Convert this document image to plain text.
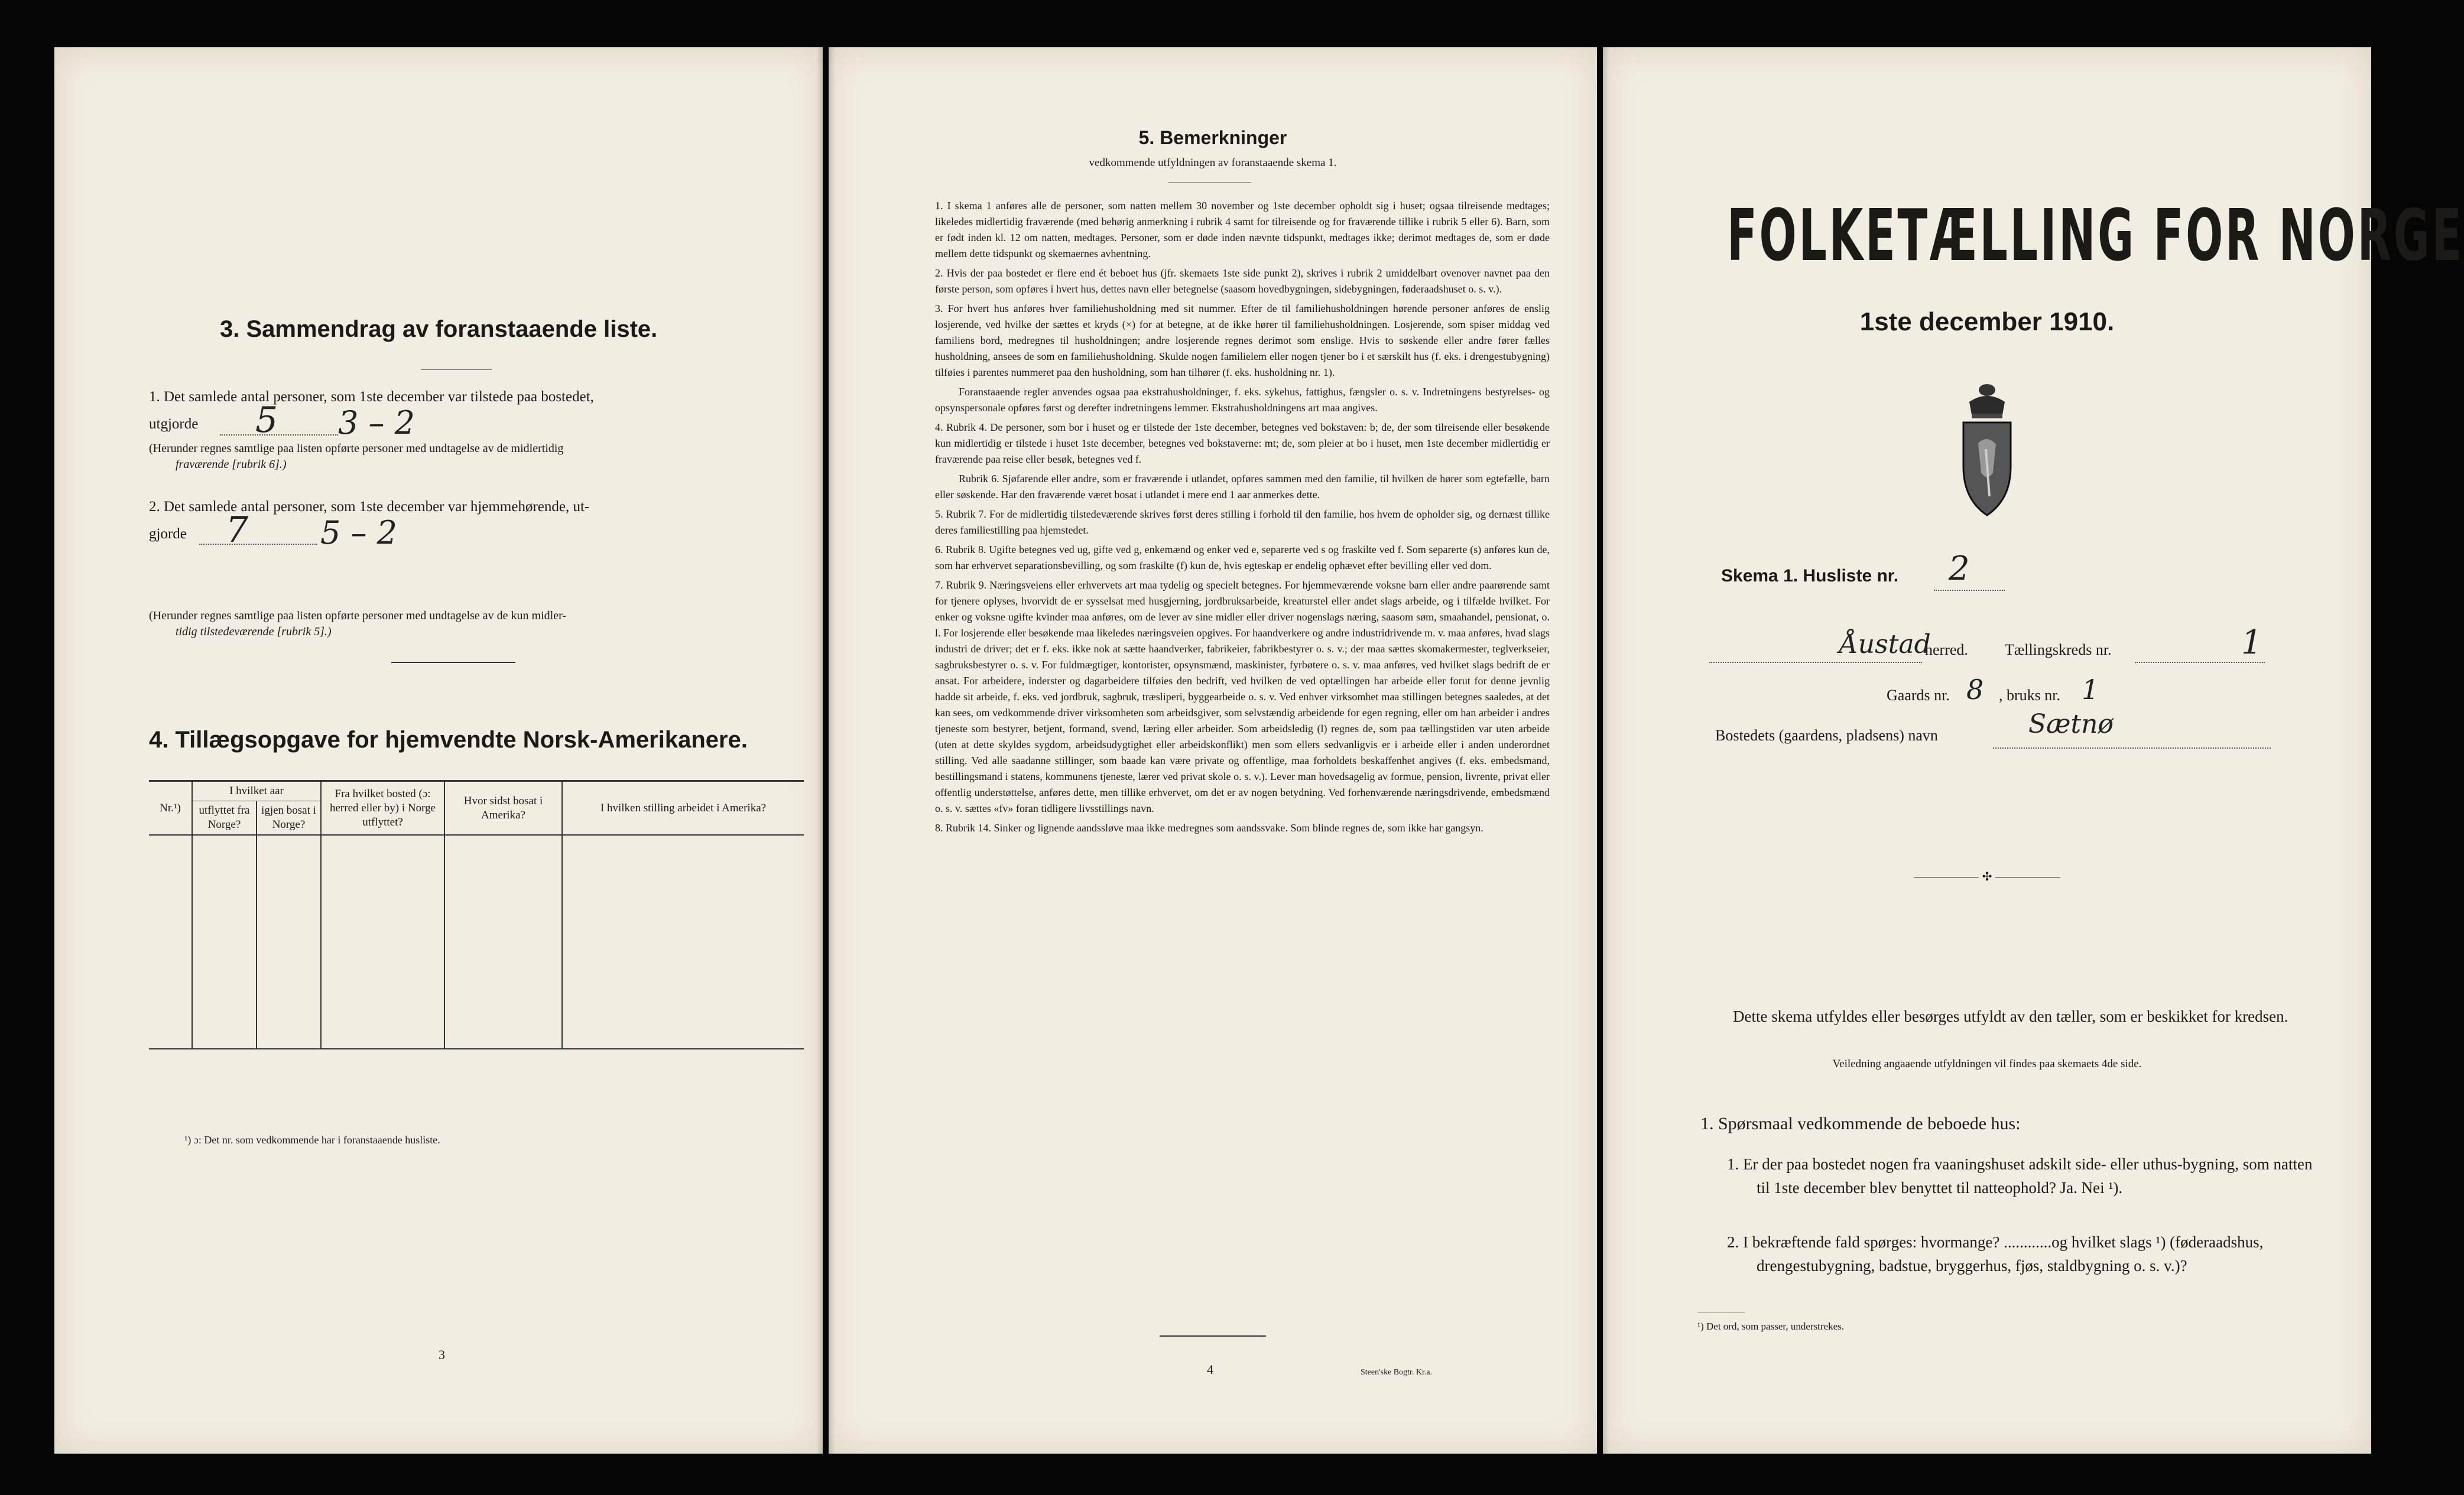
3. Sammendrag av foranstaaende liste.
1. Det samlede antal personer, som 1ste december var tilstede paa bostedet,
utgjorde 5 3 – 2
(Herunder regnes samtlige paa listen opførte personer med undtagelse av de midlertidig
fraværende [rubrik 6].)
2. Det samlede antal personer, som 1ste december var hjemmehørende, ut-
gjorde 7 5 – 2
(Herunder regnes samtlige paa listen opførte personer med undtagelse av de kun midler-
tidig tilstedeværende [rubrik 5].)
4. Tillægsopgave for hjemvendte Norsk-Amerikanere.
Nr.¹)	I hvilket aar		Fra hvilket bosted (ɔ: herred eller by) i Norge utflyttet?	Hvor sidst bosat i Amerika?	I hvilken stilling arbeidet i Amerika?
	utflyttet fra Norge?	igjen bosat i Norge?			

¹) ɔ: Det nr. som vedkommende har i foranstaaende husliste.
3
5. Bemerkninger
vedkommende utfyldningen av foranstaaende skema 1.

1. I skema 1 anføres alle de personer, som natten mellem 30 november og 1ste december opholdt sig i huset; ogsaa tilreisende medtages; likeledes midlertidig fraværende (med behørig anmerkning i rubrik 4 samt for tilreisende og for fraværende tillike i rubrik 5 eller 6). Barn, som er født inden kl. 12 om natten, medtages. Personer, som er døde inden nævnte tidspunkt, medtages ikke; derimot medtages de, som er døde mellem dette tidspunkt og skemaernes avhentning.

2. Hvis der paa bostedet er flere end ét beboet hus (jfr. skemaets 1ste side punkt 2), skrives i rubrik 2 umiddelbart ovenover navnet paa den første person, som opføres i hvert hus, dettes navn eller betegnelse (saasom hovedbygningen, sidebygningen, føderaadshuset o. s. v.).

3. For hvert hus anføres hver familiehusholdning med sit nummer. Efter de til familiehusholdningen hørende personer anføres de enslig losjerende, ved hvilke der sættes et kryds (×) for at betegne, at de ikke hører til familiehusholdningen. Losjerende, som spiser middag ved familiens bord, medregnes til husholdningen; andre losjerende regnes derimot som enslige. Hvis to søskende eller andre fører fælles husholdning, ansees de som en familiehusholdning. Skulde nogen familielem eller nogen tjener bo i et særskilt hus (f. eks. i drengestubygning) tilføies i parentes nummeret paa den husholdning, som han tilhører (f. eks. husholdning nr. 1).

Foranstaaende regler anvendes ogsaa paa ekstrahusholdninger, f. eks. sykehus, fattighus, fængsler o. s. v. Indretningens bestyrelses- og opsynspersonale opføres først og derefter indretningens lemmer. Ekstrahusholdningens art maa angives.

4. Rubrik 4. De personer, som bor i huset og er tilstede der 1ste december, betegnes ved bokstaven: b; de, der som tilreisende eller besøkende kun midlertidig er tilstede i huset 1ste december, betegnes ved bokstaverne: mt; de, som pleier at bo i huset, men 1ste december midlertidig er fraværende paa reise eller besøk, betegnes ved f.

Rubrik 6. Sjøfarende eller andre, som er fraværende i utlandet, opføres sammen med den familie, til hvilken de hører som egtefælle, barn eller søskende. Har den fraværende været bosat i utlandet i mere end 1 aar anmerkes dette.

5. Rubrik 7. For de midlertidig tilstedeværende skrives først deres stilling i forhold til den familie, hos hvem de opholder sig, og dernæst tillike deres familiestilling paa hjemstedet.

6. Rubrik 8. Ugifte betegnes ved ug, gifte ved g, enkemænd og enker ved e, separerte ved s og fraskilte ved f. Som separerte (s) anføres kun de, som har erhvervet separationsbevilling, og som fraskilte (f) kun de, hvis egteskap er endelig ophævet efter bevilling eller ved dom.

7. Rubrik 9. Næringsveiens eller erhvervets art maa tydelig og specielt betegnes. For hjemmeværende voksne barn eller andre paarørende samt for tjenere oplyses, hvorvidt de er sysselsat med husgjerning, jordbruksarbeide, kreaturstel eller andet slags arbeide, og i tilfælde hvilket. For enker og voksne ugifte kvinder maa anføres, om de lever av sine midler eller driver nogenslags næring, saasom søm, smaahandel, pensionat, o. l. For losjerende eller besøkende maa likeledes næringsveien opgives. For haandverkere og andre industridrivende m. v. maa anføres, hvad slags industri de driver; det er f. eks. ikke nok at sætte haandverker, fabrikeier, fabrikbestyrer o. s. v.; der maa sættes skomakermester, teglverkseier, sagbruksbestyrer o. s. v. For fuldmægtiger, kontorister, opsynsmænd, maskinister, fyrbøtere o. s. v. maa anføres, ved hvilket slags bedrift de er ansat. For arbeidere, inderster og dagarbeidere tilføies den bedrift, ved hvilken de ved optællingen har arbeide eller forut for denne jevnlig hadde sit arbeide, f. eks. ved jordbruk, sagbruk, træsliperi, byggearbeide o. s. v. Ved enhver virksomhet maa stillingen betegnes saaledes, at det kan sees, om vedkommende driver virksomheten som arbeidsgiver, som selvstændig arbeidende for egen regning, eller om han arbeider i andres tjeneste som bestyrer, betjent, formand, svend, læring eller arbeider. Som arbeidsledig (l) regnes de, som paa tællingstiden var uten arbeide (uten at dette skyldes sygdom, arbeidsudygtighet eller arbeidskonflikt) men som ellers sedvanligvis er i arbeide eller i anden underordnet stilling. Ved alle saadanne stillinger, som baade kan være private og offentlige, maa forholdets beskaffenhet angives (f. eks. embedsmand, bestillingsmand i statens, kommunens tjeneste, lærer ved privat skole o. s. v.). Lever man hovedsagelig av formue, pension, livrente, privat eller offentlig understøttelse, anføres dette, men tillike erhvervet, om det er av nogen betydning. Ved forhenværende næringsdrivende, embedsmænd o. s. v. sættes «fv» foran tidligere livsstillings navn.

8. Rubrik 14. Sinker og lignende aandssløve maa ikke medregnes som aandssvake. Som blinde regnes de, som ikke har gangsyn.

4	Steen'ske Bogtr. Kr.a.
FOLKETÆLLING FOR NORGE
1ste december 1910.
Skema 1. Husliste nr. 2
Åustad
herred. Tællingskreds nr.	1
Gaards nr. 8 , bruks nr. 1
Bostedets (gaardens, pladsens) navn	Sætnø
✣
Dette skema utfyldes eller besørges utfyldt av den tæller, som er beskikket for kredsen.
Veiledning angaaende utfyldningen vil findes paa skemaets 4de side.
1. Spørsmaal vedkommende de beboede hus:
1. Er der paa bostedet nogen fra vaaningshuset adskilt side- eller uthus-bygning, som natten til 1ste december blev benyttet til natteophold? Ja. Nei ¹).
2. I bekræftende fald spørges: hvormange? ............og hvilket slags ¹) (føderaadshus, drengestubygning, badstue, bryggerhus, fjøs, staldbygning o. s. v.)?
¹) Det ord, som passer, understrekes.
